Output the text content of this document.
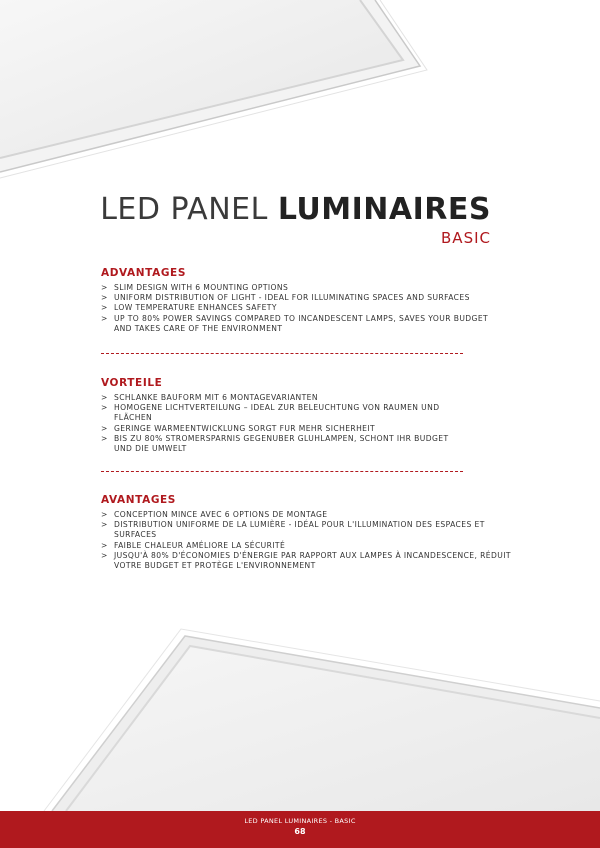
LED PANEL LUMINAIRES
BASIC
ADVANTAGES
> SLIM DESIGN WITH 6 MOUNTING OPTIONS
> UNIFORM DISTRIBUTION OF LIGHT - IDEAL FOR ILLUMINATING SPACES AND SURFACES
> LOW TEMPERATURE ENHANCES SAFETY
> UP TO 80% POWER SAVINGS COMPARED TO INCANDESCENT LAMPS, SAVES YOUR BUDGET AND TAKES CARE OF THE ENVIRONMENT
VORTEILE
> SCHLANKE BAUFORM MIT 6 MONTAGEVARIANTEN
> HOMOGENE LICHTVERTEILUNG – IDEAL ZUR BELEUCHTUNG VON RAUMEN UND FLÄCHEN
> GERINGE WARMEENTWICKLUNG SORGT FUR MEHR SICHERHEIT
> BIS ZU 80% STROMERSPARNIS GEGENUBER GLUHLAMPEN, SCHONT IHR BUDGET UND DIE UMWELT
AVANTAGES
> CONCEPTION MINCE AVEC 6 OPTIONS DE MONTAGE
> DISTRIBUTION UNIFORME DE LA LUMIÈRE - IDÉAL POUR L'ILLUMINATION DES ESPACES ET SURFACES
> FAIBLE CHALEUR AMÉLIORE LA SÉCURITÉ
> JUSQU'À 80% D'ÉCONOMIES D'ÉNERGIE PAR RAPPORT AUX LAMPES À INCANDESCENCE, RÉDUIT VOTRE BUDGET ET PROTÈGE L'ENVIRONNEMENT
LED PANEL LUMINAIRES - BASIC
68
